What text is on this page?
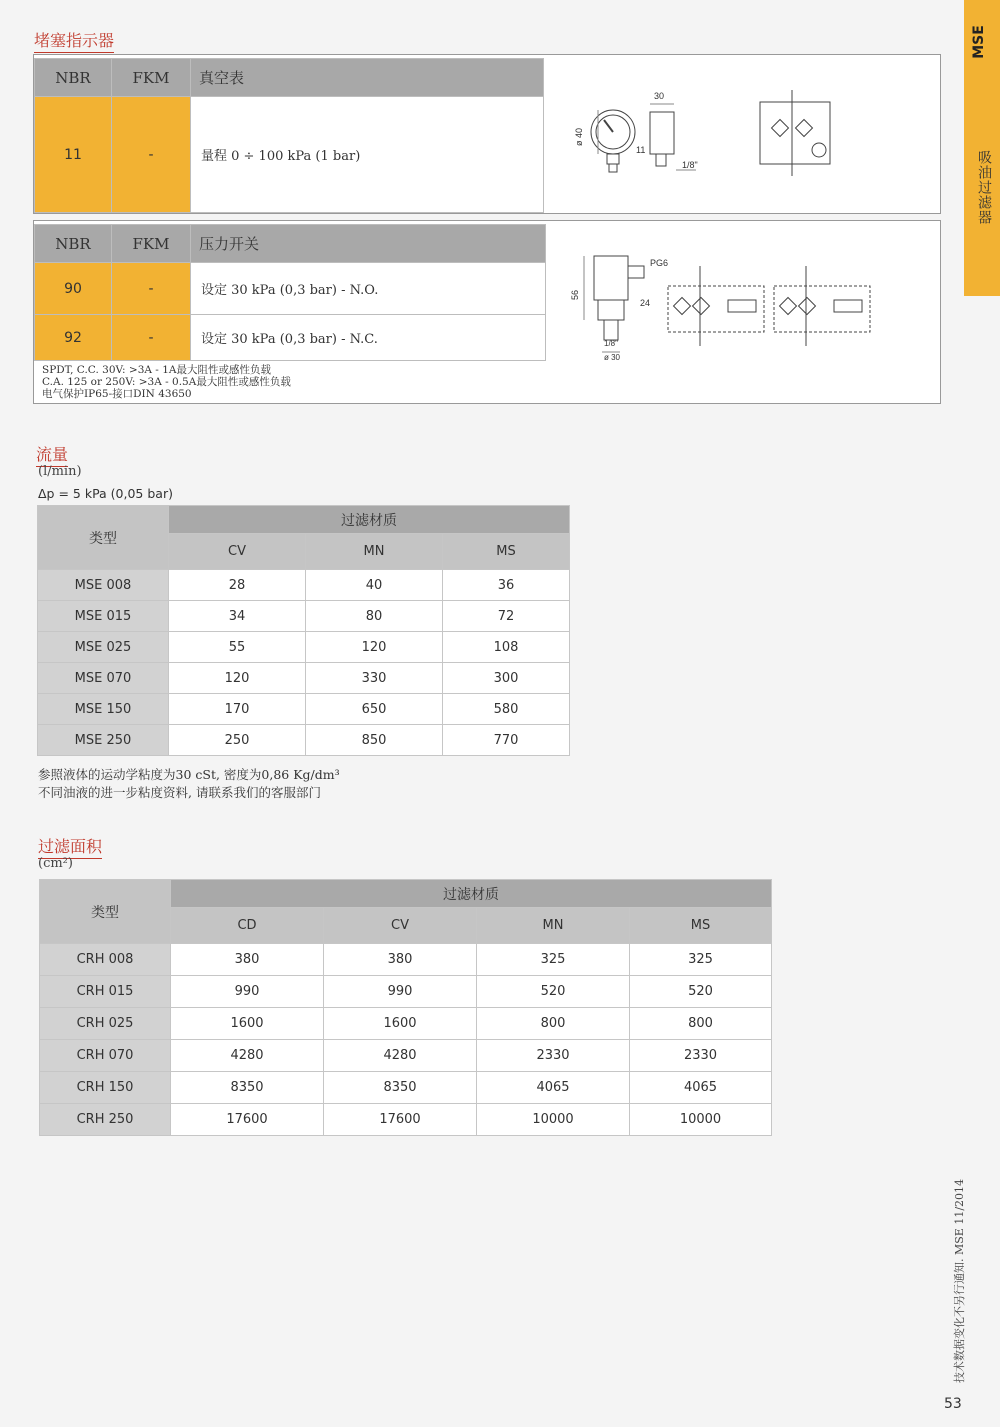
MSE
吸油过滤器
堵塞指示器
NBR	FKM	真空表
11	-	量程 0 ÷ 100 kPa (1 bar)
30
ø 40
11
1/8"
NBR	FKM	压力开关
90	-	设定 30 kPa (0,3 bar) - N.O.
92	-	设定 30 kPa (0,3 bar) - N.C.
SPDT, C.C. 30V: >3A - 1A最大阻性或感性负载
C.A. 125 or 250V: >3A - 0.5A最大阻性或感性负载
电气保护IP65-接口DIN 43650
PG6
56
24
1/8"
ø 30
流量
(l/min)
Δp = 5 kPa (0,05 bar)
类型	过滤材质		
	CV	MN	MS
MSE 008	28	40	36
MSE 015	34	80	72
MSE 025	55	120	108
MSE 070	120	330	300
MSE 150	170	650	580
MSE 250	250	850	770
参照液体的运动学粘度为30 cSt, 密度为0,86 Kg/dm³
不同油液的进一步粘度资料, 请联系我们的客服部门
过滤面积
(cm²)
类型	过滤材质			
	CD	CV	MN	MS
CRH 008	380	380	325	325
CRH 015	990	990	520	520
CRH 025	1600	1600	800	800
CRH 070	4280	4280	2330	2330
CRH 150	8350	8350	4065	4065
CRH 250	17600	17600	10000	10000
技术数据变化不另行通知. MSE 11/2014
53
